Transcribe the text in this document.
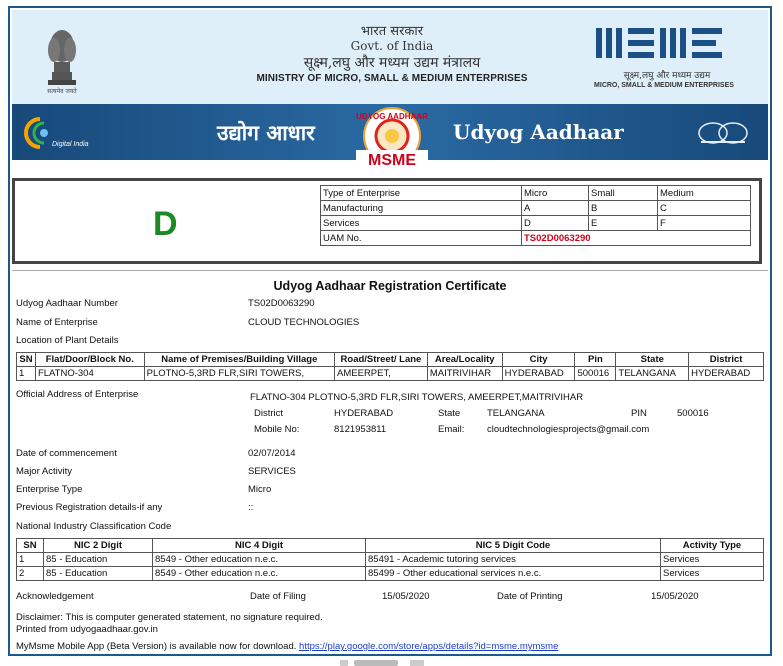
सत्यमेव जयते
भारत सरकार
Govt. of India
सूक्ष्म,लघु और मध्यम उद्यम मंत्रालय
MINISTRY OF MICRO, SMALL & MEDIUM ENTERPRISES	सूक्ष्म,लघु और मध्यम उद्यम
MICRO, SMALL & MEDIUM ENTERPRISES
Digital India	उद्योग आधार
UDYOG AADHAAR
MSME
Udyog Aadhaar
D
Type of Enterprise	Micro	Small	Medium
Manufacturing	A	B	C
Services	D	E	F
UAM No.	TS02D0063290		
Udyog Aadhaar Registration Certificate
Udyog Aadhaar Number	TS02D0063290
Name of Enterprise	CLOUD TECHNOLOGIES
Location of Plant Details
SN	Flat/Door/Block No.	Name of Premises/Building Village	Road/Street/ Lane	Area/Locality	City	Pin	State	District
1	FLATNO-304	PLOTNO-5,3RD FLR,SIRI TOWERS,	AMEERPET,	MAITRIVIHAR	HYDERABAD	500016	TELANGANA	HYDERABAD
Official Address of Enterprise	FLATNO-304 PLOTNO-5,3RD FLR,SIRI TOWERS, AMEERPET,MAITRIVIHAR
District	HYDERABAD	State	TELANGANA	PIN	500016
Mobile No:	8121953811	Email: cloudtechnologiesprojects@gmail.com
Date of commencement	02/07/2014
Major Activity	SERVICES
Enterprise Type	Micro
Previous Registration details-if any	::
National Industry Classification Code
SN	NIC 2 Digit	NIC 4 Digit	NIC 5 Digit Code	Activity Type
1	85 - Education	8549 - Other education n.e.c.	85491 - Academic tutoring services	Services
2	85 - Education	8549 - Other education n.e.c.	85499 - Other educational services n.e.c.	Services
Acknowledgement	Date of Filing	15/05/2020	Date of Printing	15/05/2020
Disclaimer: This is computer generated statement, no signature required.
Printed from udyogaadhaar.gov.in
MyMsme Mobile App (Beta Version) is available now for download. https://play.google.com/store/apps/details?id=msme.mymsme
